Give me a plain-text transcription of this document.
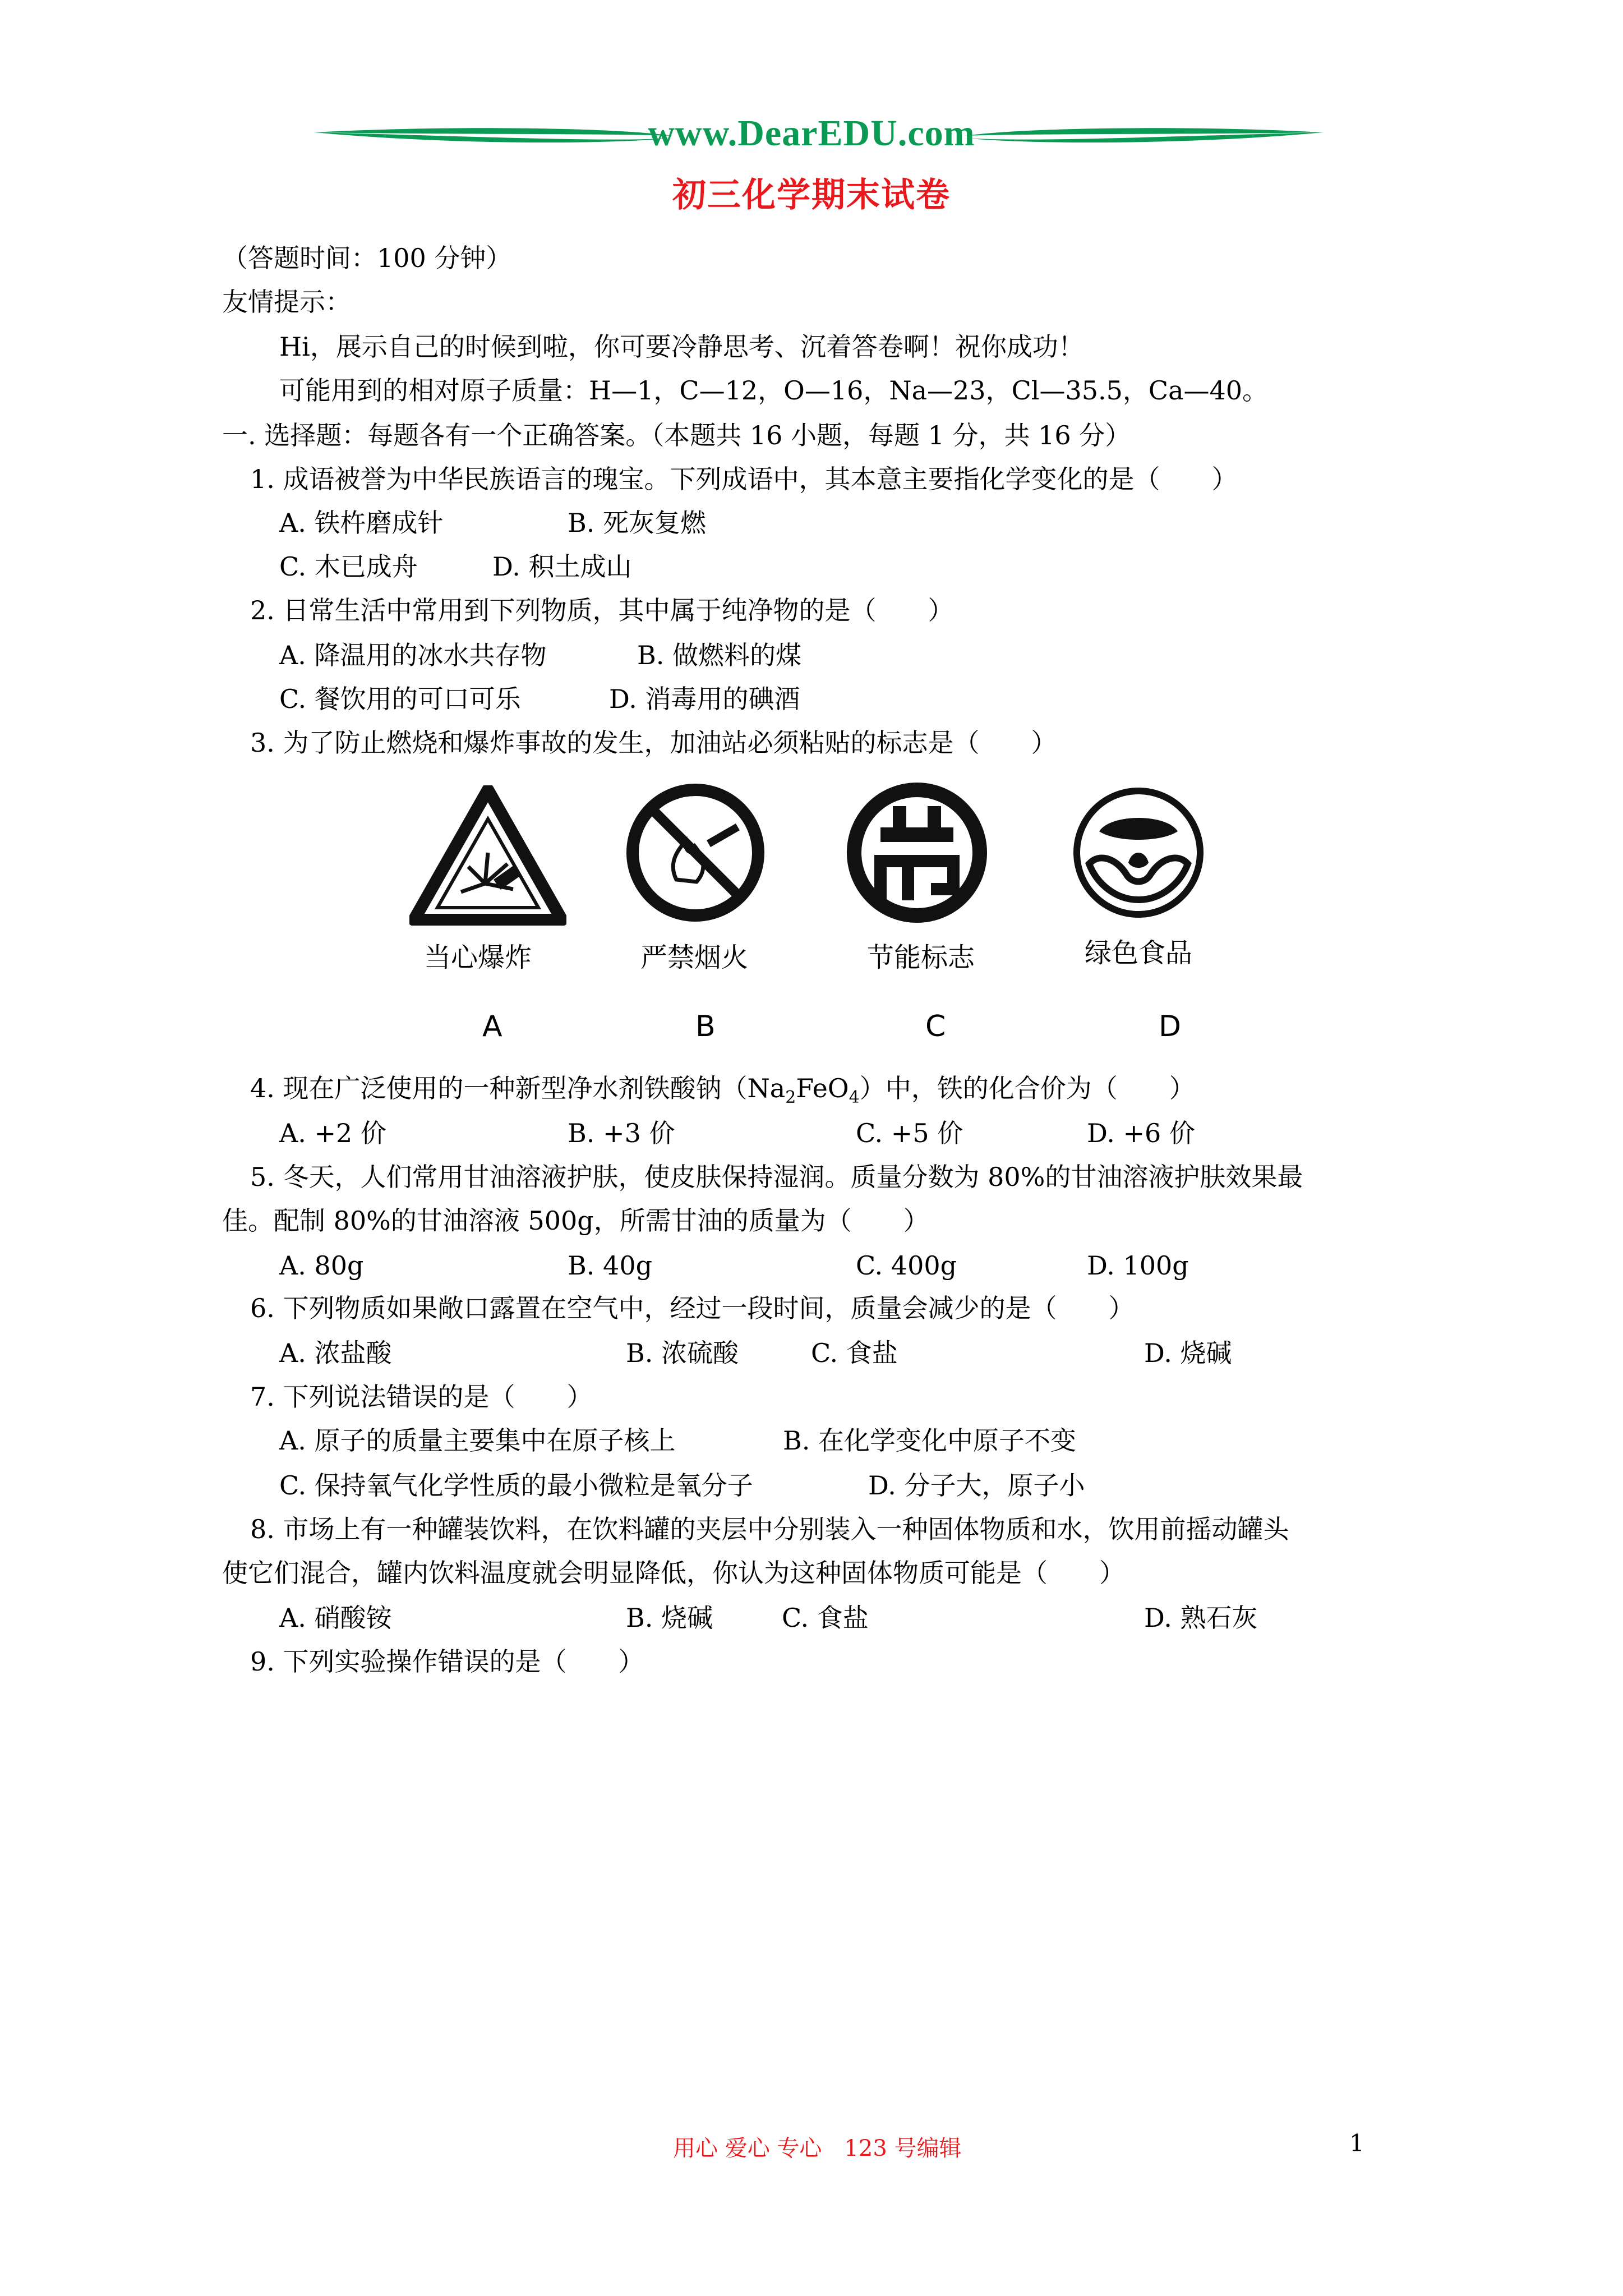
www.DearEDU.com
初三化学期末试卷
（答题时间：100 分钟）
友情提示：
Hi，展示自己的时候到啦，你可要冷静思考、沉着答卷啊！祝你成功！
可能用到的相对原子质量：H—1，C—12，O—16，Na—23，Cl—35.5，Ca—40。
一. 选择题：每题各有一个正确答案。（本题共 16 小题，每题 1 分，共 16 分）
1. 成语被誉为中华民族语言的瑰宝。下列成语中，其本意主要指化学变化的是（　　）
A. 铁杵磨成针	B. 死灰复燃
C. 木已成舟	D. 积土成山
2. 日常生活中常用到下列物质，其中属于纯净物的是（　　）
A. 降温用的冰水共存物	B. 做燃料的煤
C. 餐饮用的可口可乐	D. 消毒用的碘酒
3. 为了防止燃烧和爆炸事故的发生，加油站必须粘贴的标志是（　　）
当心爆炸	严禁烟火	节能标志	绿色食品
A	B	C	D
4. 现在广泛使用的一种新型净水剂铁酸钠$(Na_2FeO_4)$中，铁的化合价为（　　）
A. +2 价	B. +3 价	C. +5 价	D. +6 价
5. 冬天，人们常用甘油溶液护肤，使皮肤保持湿润。质量分数为 80%的甘油溶液护肤效果最
佳。配制 80%的甘油溶液 500g，所需甘油的质量为（　　）
A. 80g	B. 40g	C. 400g	D. 100g
6. 下列物质如果敞口露置在空气中，经过一段时间，质量会减少的是（　　）
A. 浓盐酸	B. 浓硫酸	C. 食盐	D. 烧碱
7. 下列说法错误的是（　　）
A. 原子的质量主要集中在原子核上	B. 在化学变化中原子不变
C. 保持氧气化学性质的最小微粒是氧分子	D. 分子大，原子小
8. 市场上有一种罐装饮料，在饮料罐的夹层中分别装入一种固体物质和水，饮用前摇动罐头
使它们混合，罐内饮料温度就会明显降低，你认为这种固体物质可能是（　　）
A. 硝酸铵	B. 烧碱	C. 食盐	D. 熟石灰
9. 下列实验操作错误的是（　　）
用心 爱心 专心　123 号编辑	1
